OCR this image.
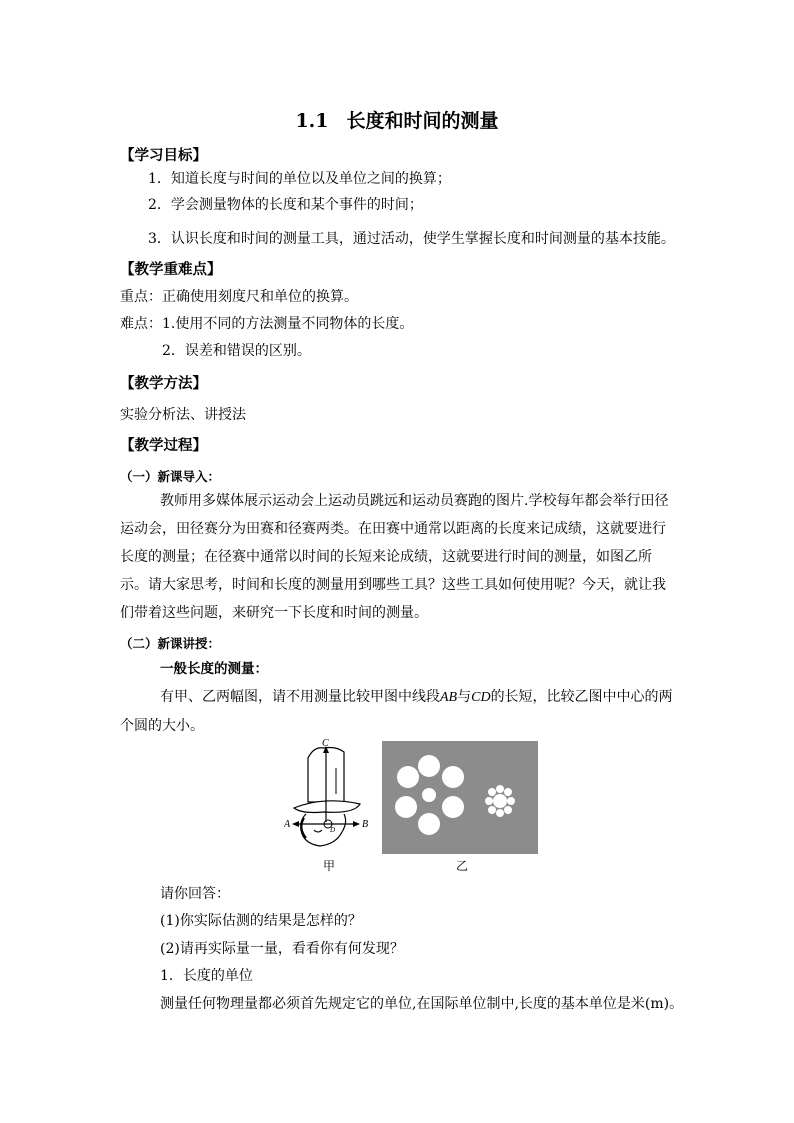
1.1 长度和时间的测量
【学习目标】
1．知道长度与时间的单位以及单位之间的换算；
2．学会测量物体的长度和某个事件的时间；
3．认识长度和时间的测量工具，通过活动，使学生掌握长度和时间测量的基本技能。
【教学重难点】
重点：正确使用刻度尺和单位的换算。
难点：1.使用不同的方法测量不同物体的长度。
2．误差和错误的区别。
【教学方法】
实验分析法、讲授法
【教学过程】
（一）新课导入：
教师用多媒体展示运动会上运动员跳远和运动员赛跑的图片.学校每年都会举行田径运动会，田径赛分为田赛和径赛两类。在田赛中通常以距离的长度来记成绩，这就要进行长度的测量；在径赛中通常以时间的长短来论成绩，这就要进行时间的测量，如图乙所示。请大家思考，时间和长度的测量用到哪些工具？这些工具如何使用呢？今天，就让我们带着这些问题，来研究一下长度和时间的测量。
（二）新课讲授：
一般长度的测量：
有甲、乙两幅图，请不用测量比较甲图中线段AB与CD的长短，比较乙图中中心的两个圆的大小。
C
A	B
D
甲	乙
请你回答：
(1)你实际估测的结果是怎样的？
(2)请再实际量一量，看看你有何发现？
1．长度的单位
测量任何物理量都必须首先规定它的单位,在国际单位制中,长度的基本单位是米(m)。
